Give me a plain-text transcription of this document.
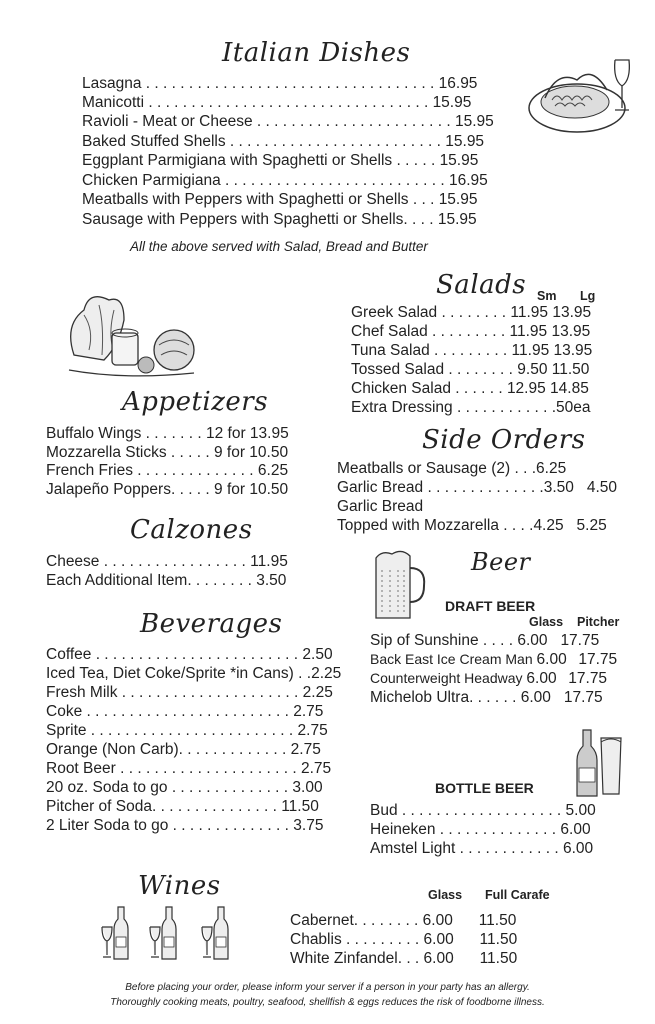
Italian Dishes
Lasagna . . . . . . . . . . . . . . . . . . . . . . . . . . . . . . . . . . 16.95
Manicotti . . . . . . . . . . . . . . . . . . . . . . . . . . . . . . . . . 15.95
Ravioli - Meat or Cheese . . . . . . . . . . . . . . . . . . . . . . . 15.95
Baked Stuffed Shells . . . . . . . . . . . . . . . . . . . . . . . . . 15.95
Eggplant Parmigiana with Spaghetti or Shells . . . . . 15.95
Chicken Parmigiana . . . . . . . . . . . . . . . . . . . . . . . . . . 16.95
Meatballs with Peppers with Spaghetti or Shells . . . 15.95
Sausage with Peppers with Spaghetti or Shells. . . . 15.95
All the above served with Salad, Bread and Butter
Salads Sm Lg
Greek Salad . . . . . . . . 11.95 13.95
Chef Salad . . . . . . . . . 11.95 13.95
Tuna Salad . . . . . . . . . 11.95 13.95
Tossed Salad . . . . . . . . 9.50 11.50
Chicken Salad . . . . . . 12.95 14.85
Extra Dressing . . . . . . . . . . . .50ea
Appetizers
Buffalo Wings . . . . . . . 12 for 13.95
Mozzarella Sticks . . . . . 9 for 10.50
French Fries . . . . . . . . . . . . . . 6.25
Jalapeño Poppers. . . . . 9 for 10.50
Side Orders
Meatballs or Sausage (2) . . .6.25
Garlic Bread . . . . . . . . . . . . . .3.50 4.50
Garlic Bread
Topped with Mozzarella . . . .4.25 5.25
Calzones
Cheese . . . . . . . . . . . . . . . . . 11.95
Each Additional Item. . . . . . . . 3.50
Beer
DRAFT BEER
Glass Pitcher
Sip of Sunshine . . . . 6.00 17.75
Back East Ice Cream Man 6.00 17.75
Counterweight Headway 6.00 17.75
Michelob Ultra. . . . . . 6.00 17.75
BOTTLE BEER
Bud . . . . . . . . . . . . . . . . . . . 5.00
Heineken . . . . . . . . . . . . . . 6.00
Amstel Light . . . . . . . . . . . . 6.00
Beverages
Coffee . . . . . . . . . . . . . . . . . . . . . . . . 2.50
Iced Tea, Diet Coke/Sprite *in Cans) . .2.25
Fresh Milk . . . . . . . . . . . . . . . . . . . . . 2.25
Coke . . . . . . . . . . . . . . . . . . . . . . . . 2.75
Sprite . . . . . . . . . . . . . . . . . . . . . . . . 2.75
Orange (Non Carb). . . . . . . . . . . . . 2.75
Root Beer . . . . . . . . . . . . . . . . . . . . . 2.75
20 oz. Soda to go . . . . . . . . . . . . . . 3.00
Pitcher of Soda. . . . . . . . . . . . . . . 11.50
2 Liter Soda to go . . . . . . . . . . . . . . 3.75
Wines	Glass Full Carafe
Cabernet. . . . . . . . 6.00 11.50
Chablis . . . . . . . . . 6.00 11.50
White Zinfandel. . . 6.00 11.50
Before placing your order, please inform your server if a person in your party has an allergy.
Thoroughly cooking meats, poultry, seafood, shellfish & eggs reduces the risk of foodborne illness.
